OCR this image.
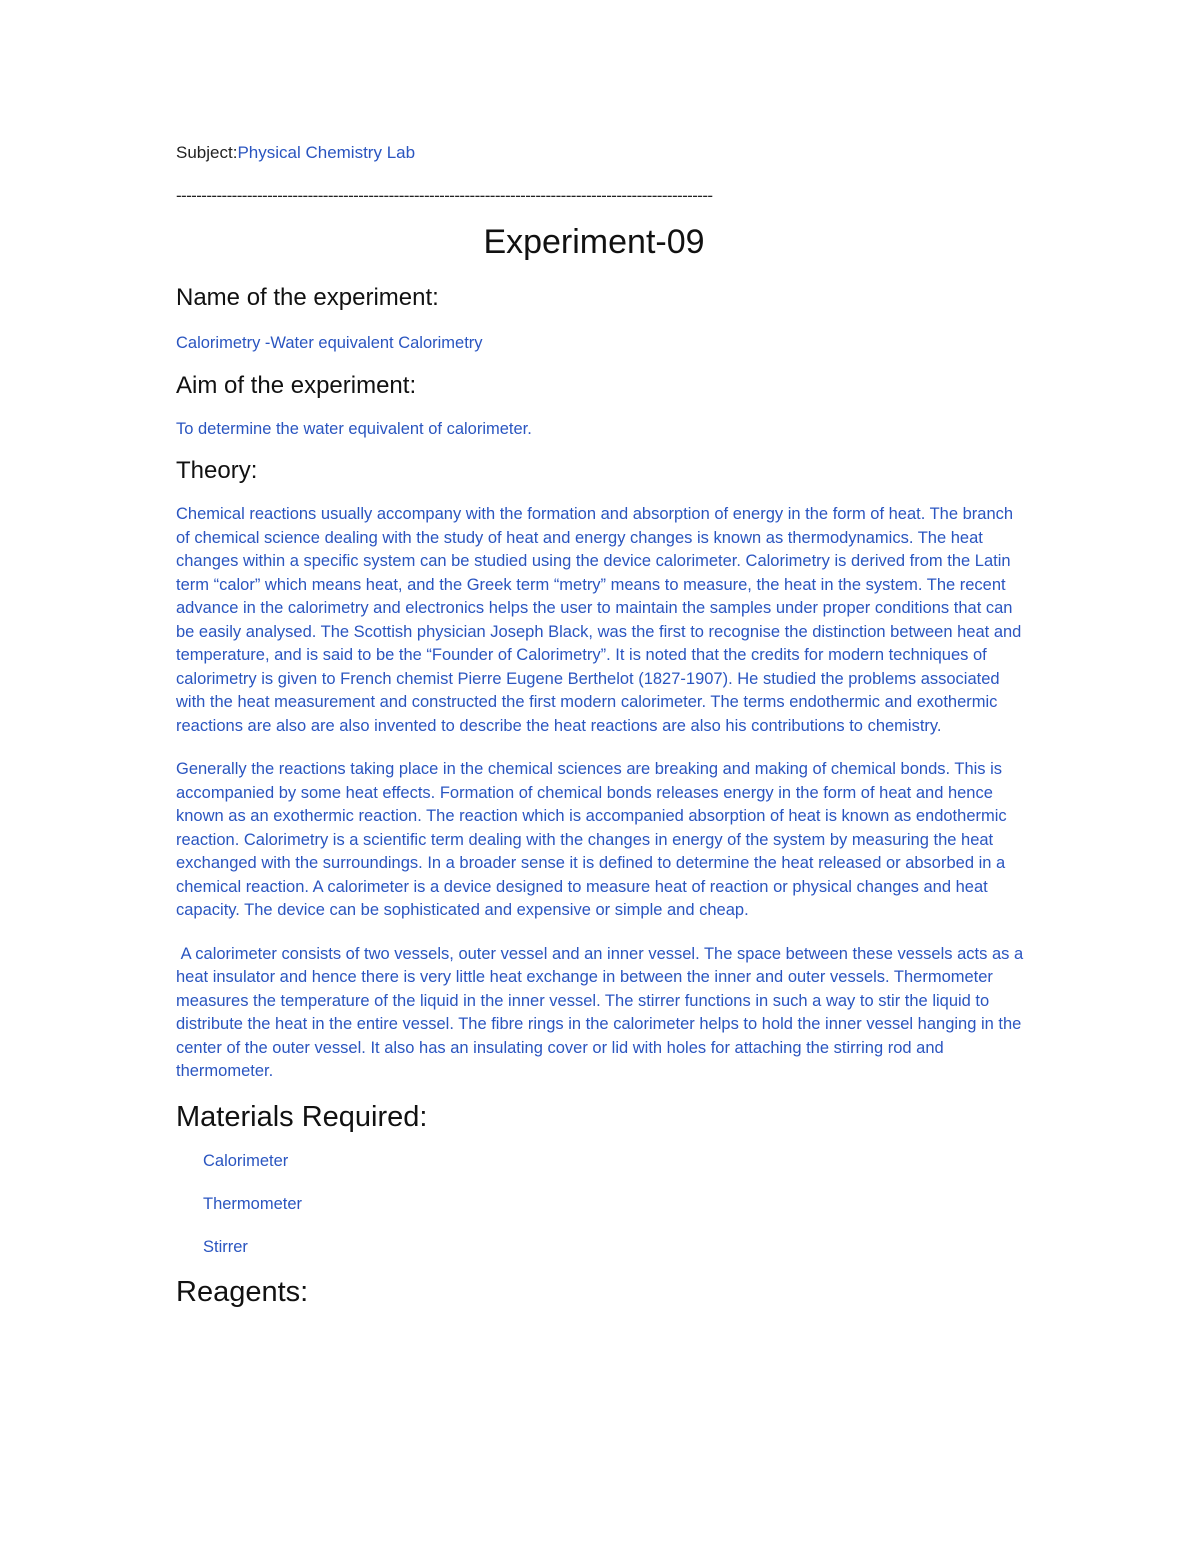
Subject:Physical Chemistry Lab

----------------------------------------------------------------------------------------------------------
Experiment-09
Name of the experiment:

Calorimetry -Water equivalent Calorimetry

Aim of the experiment:

To determine the water equivalent of calorimeter.

Theory:

Chemical reactions usually accompany with the formation and absorption of energy in the form of heat. The branch of chemical science dealing with the study of heat and energy changes is known as thermodynamics. The heat changes within a specific system can be studied using the device calorimeter. Calorimetry is derived from the Latin term “calor” which means heat, and the Greek term “metry” means to measure, the heat in the system. The recent advance in the calorimetry and electronics helps the user to maintain the samples under proper conditions that can be easily analysed. The Scottish physician Joseph Black, was the first to recognise the distinction between heat and temperature, and is said to be the “Founder of Calorimetry”. It is noted that the credits for modern techniques of calorimetry is given to French chemist Pierre Eugene Berthelot (1827-1907). He studied the problems associated with the heat measurement and constructed the first modern calorimeter. The terms endothermic and exothermic reactions are also are also invented to describe the heat reactions are also his contributions to chemistry.

Generally the reactions taking place in the chemical sciences are breaking and making of chemical bonds. This is accompanied by some heat effects. Formation of chemical bonds releases energy in the form of heat and hence known as an exothermic reaction. The reaction which is accompanied absorption of heat is known as endothermic reaction. Calorimetry is a scientific term dealing with the changes in energy of the system by measuring the heat exchanged with the surroundings. In a broader sense it is defined to determine the heat released or absorbed in a chemical reaction. A calorimeter is a device designed to measure heat of reaction or physical changes and heat capacity. The device can be sophisticated and expensive or simple and cheap.

A calorimeter consists of two vessels, outer vessel and an inner vessel. The space between these vessels acts as a heat insulator and hence there is very little heat exchange in between the inner and outer vessels. Thermometer measures the temperature of the liquid in the inner vessel. The stirrer functions in such a way to stir the liquid to distribute the heat in the entire vessel. The fibre rings in the calorimeter helps to hold the inner vessel hanging in the center of the outer vessel. It also has an insulating cover or lid with holes for attaching the stirring rod and thermometer.

Materials Required:

Calorimeter

Thermometer

Stirrer

Reagents:
